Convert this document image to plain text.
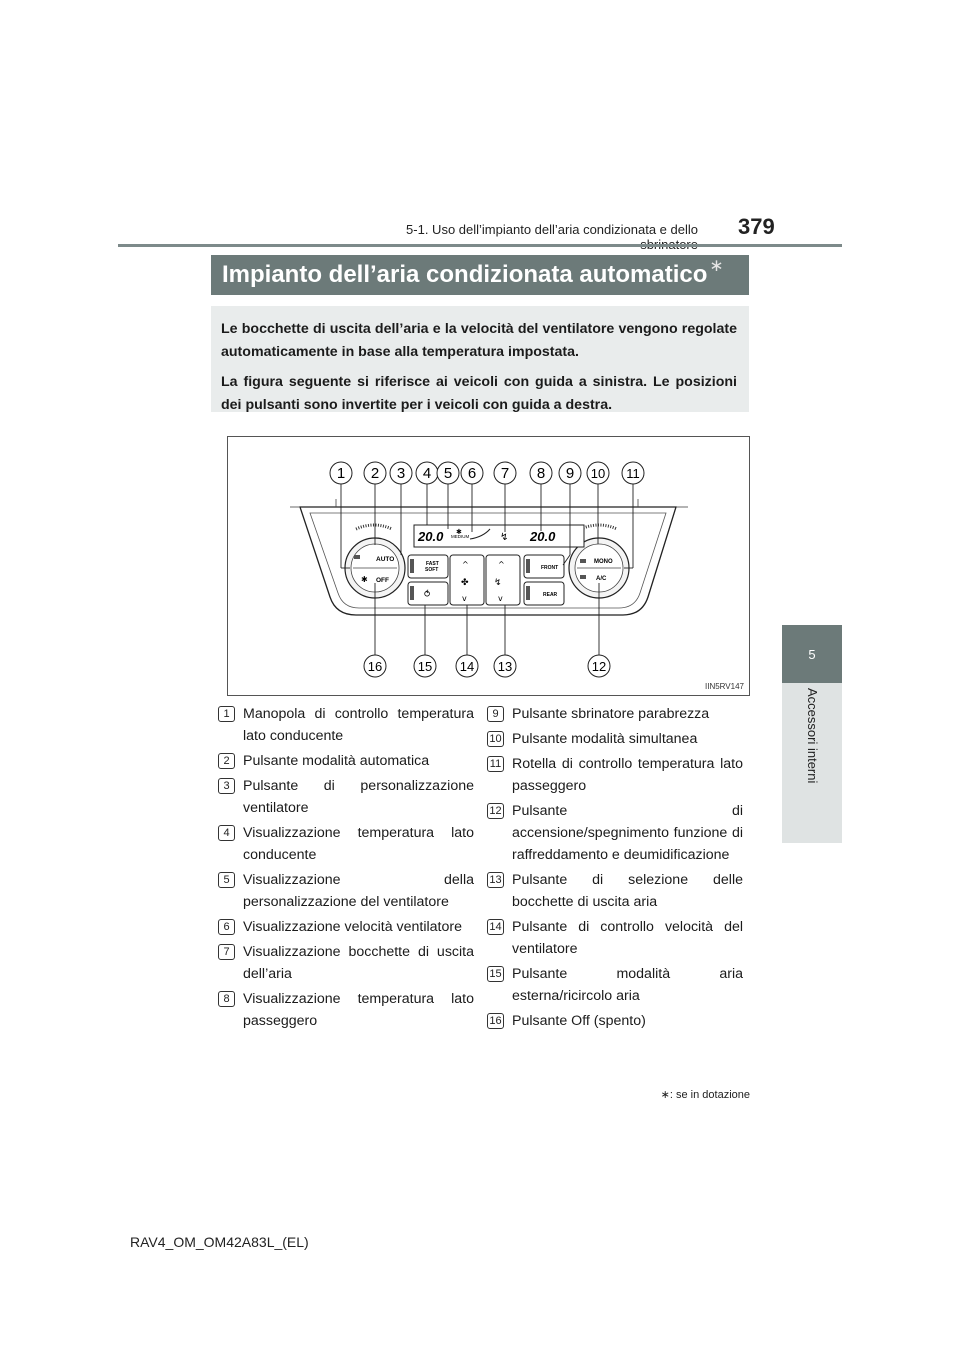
5-1. Uso dell’impianto dell’aria condizionata e dello 379
5
Accessori interni
Impianto dell’aria condizionata automatico ∗

Le bocchette di uscita dell’aria e la velocità del ventilatore vengono regolate automaticamente in base alla temperatura impostata.

La figura seguente si riferisce ai veicoli con guida a sinistra. Le posizioni dei pulsanti sono invertite per i veicoli con guida a destra.

AUTO
OFF
✱
MONO
A/C
20.0 MEDIUM
✱	↯ 20.0
FAST
SOFT
⥀
^
✤
v
^
↯
v
FRONT
REAR
1 2 3 4 5 6 7 8 9 10 11
16	15 14 13	12
IIN5RV147
1 Manopola di controllo temperatura lato conducente
2 Pulsante modalità automatica
3 Pulsante di personalizzazione ventilatore
4 Visualizzazione temperatura lato conducente
5 Visualizzazione della personalizzazione del ventilatore
6 Visualizzazione velocità ventilatore
7 Visualizzazione bocchette di uscita dell’aria
8 Visualizzazione temperatura lato passeggero
9 Pulsante sbrinatore parabrezza
10 Pulsante modalità simultanea
11 Rotella di controllo temperatura lato passeggero
12 Pulsante di accensione/spegnimento funzione di raffreddamento e deumidificazione
13 Pulsante di selezione delle bocchette di uscita aria
14 Pulsante di controllo velocità del ventilatore
15 Pulsante modalità aria esterna/ricircolo aria
16 Pulsante Off (spento)
∗: se in dotazione
RAV4_OM_OM42A83L_(EL)
